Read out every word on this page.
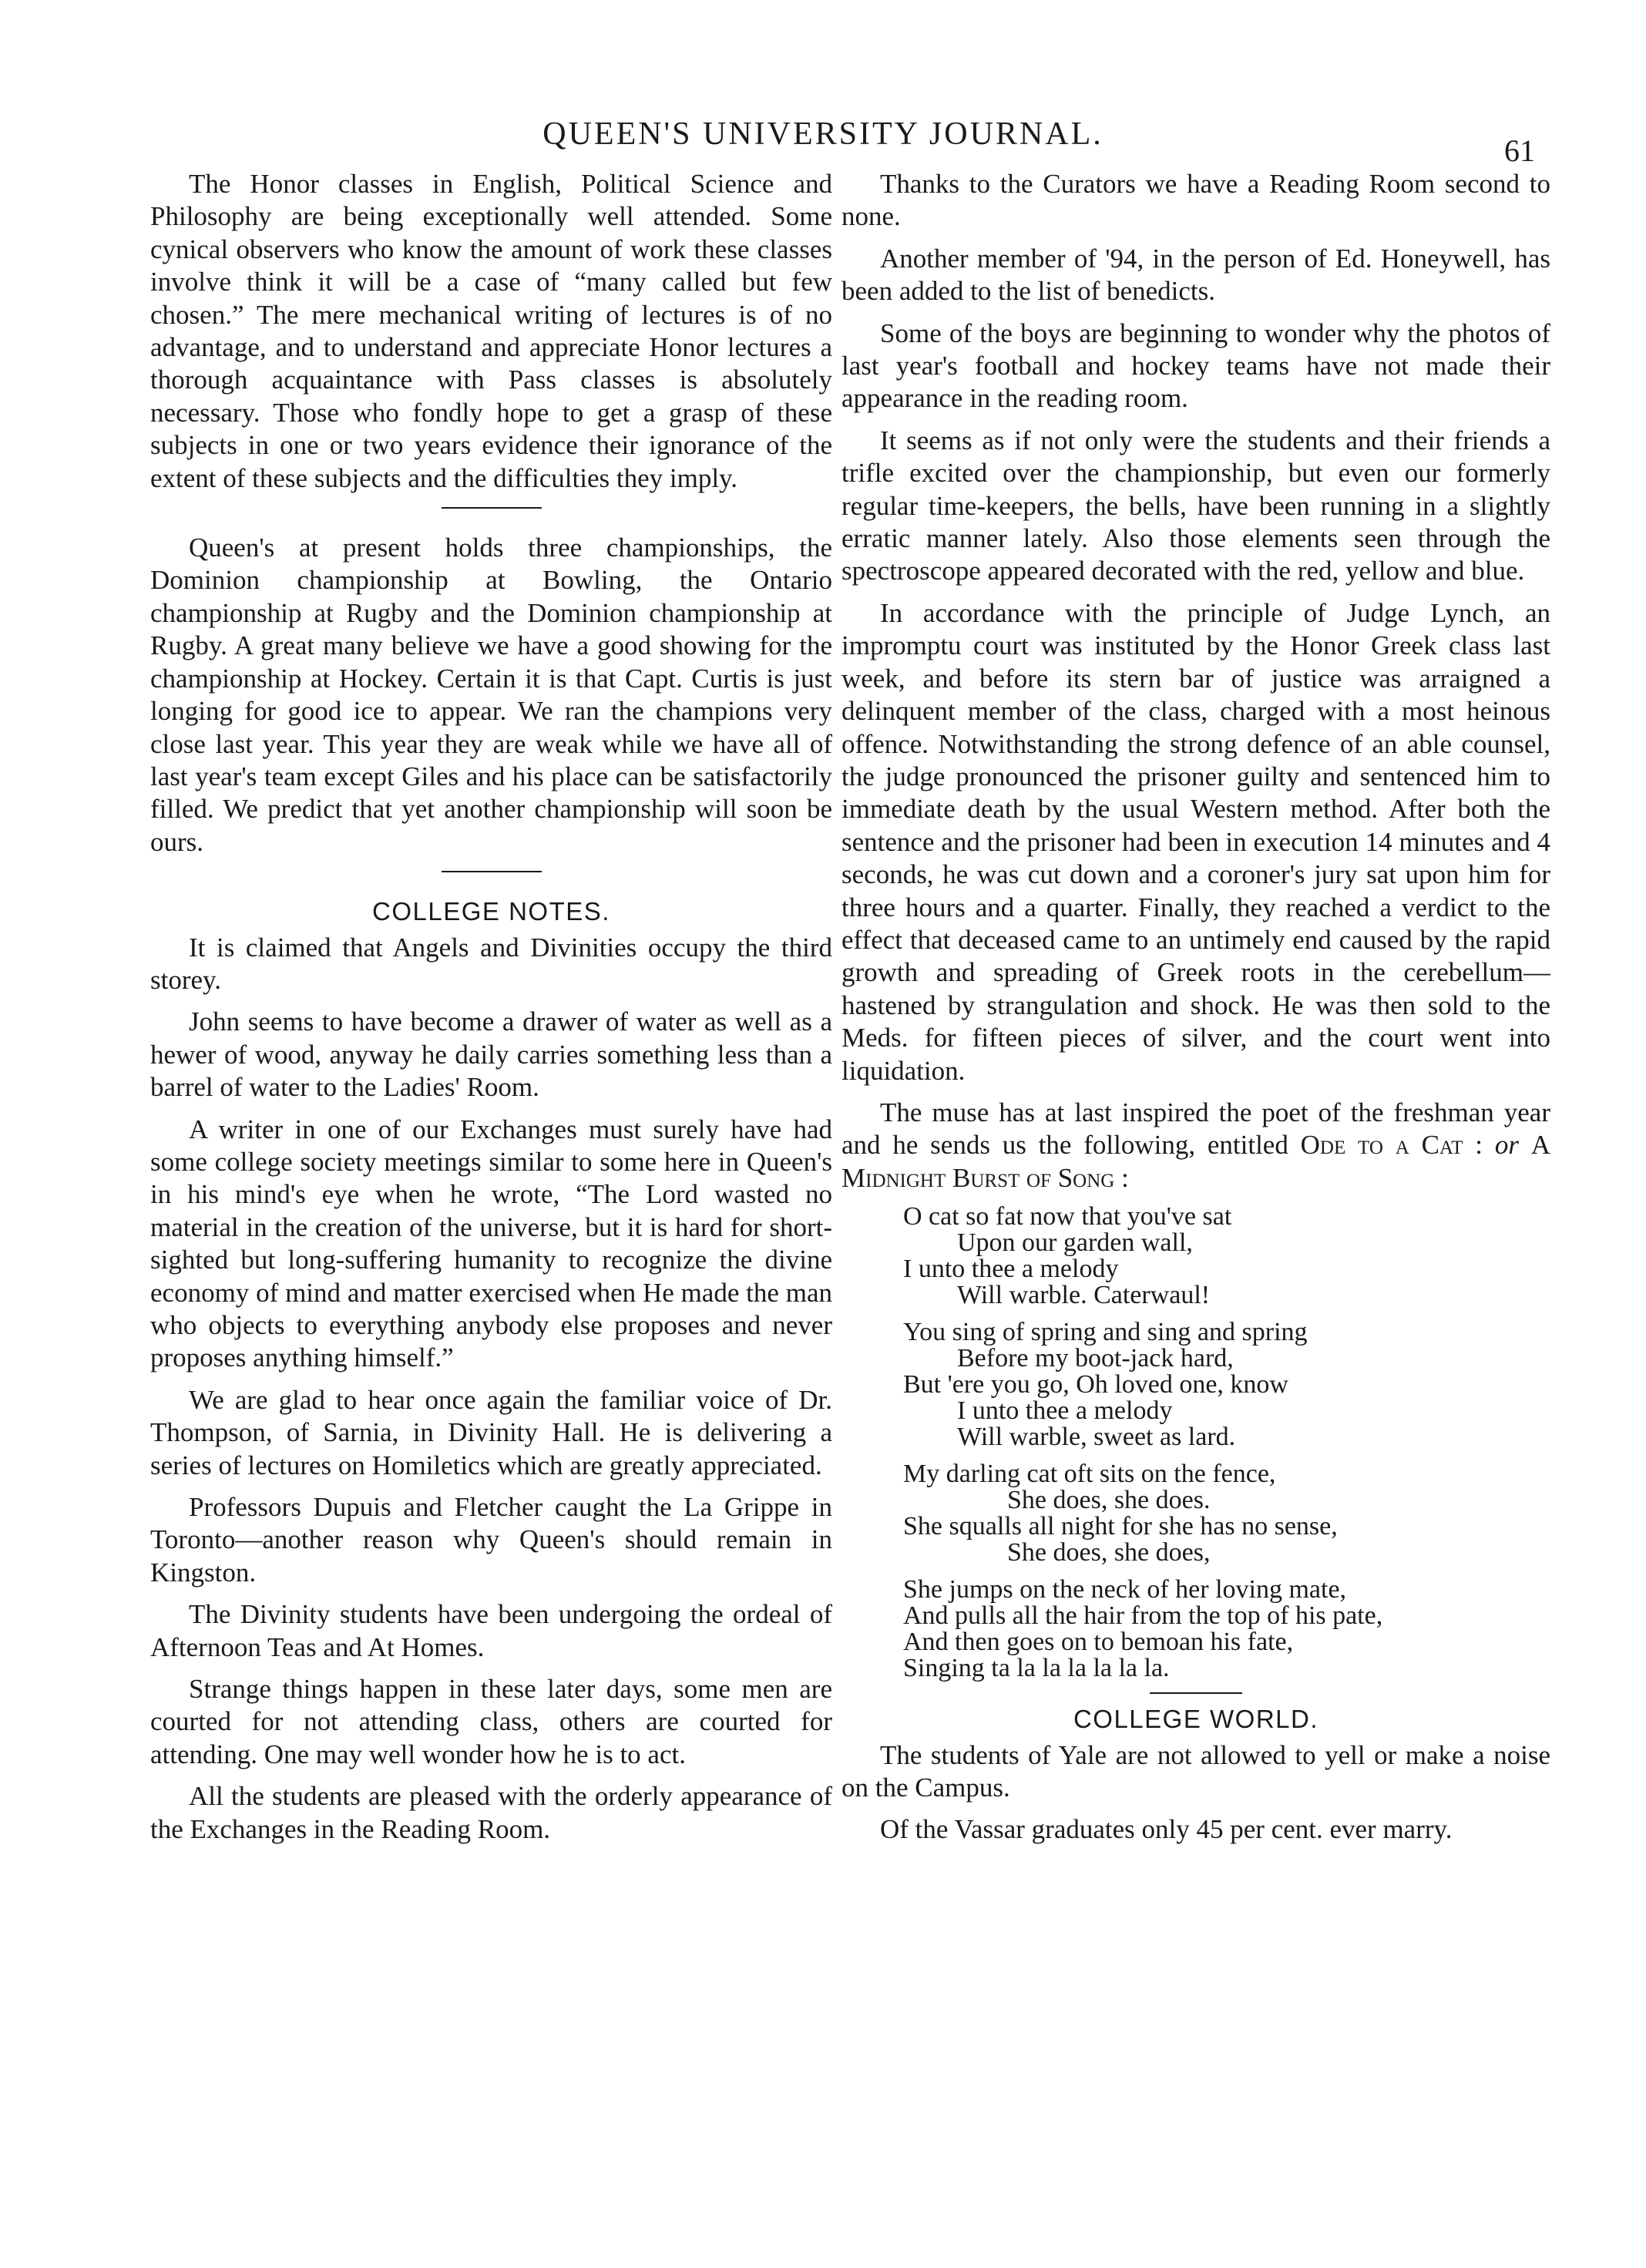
QUEEN'S UNIVERSITY JOURNAL.	61

The Honor classes in English, Political Science and Philosophy are being exceptionally well attended. Some cynical observers who know the amount of work these classes involve think it will be a case of “many called but few chosen.” The mere mechanical writing of lectures is of no advantage, and to understand and appreciate Honor lectures a thorough acquaintance with Pass classes is absolutely necessary. Those who fondly hope to get a grasp of these subjects in one or two years evidence their ignorance of the extent of these subjects and the difficulties they imply.

Queen's at present holds three championships, the Dominion championship at Bowling, the Ontario championship at Rugby and the Dominion championship at Rugby. A great many believe we have a good showing for the championship at Hockey. Certain it is that Capt. Curtis is just longing for good ice to appear. We ran the champions very close last year. This year they are weak while we have all of last year's team except Giles and his place can be satisfactorily filled. We predict that yet another championship will soon be ours.

COLLEGE NOTES.

It is claimed that Angels and Divinities occupy the third storey.

John seems to have become a drawer of water as well as a hewer of wood, anyway he daily carries something less than a barrel of water to the Ladies' Room.

A writer in one of our Exchanges must surely have had some college society meetings similar to some here in Queen's in his mind's eye when he wrote, “The Lord wasted no material in the creation of the universe, but it is hard for short-sighted but long-suffering humanity to recognize the divine economy of mind and matter exercised when He made the man who objects to everything anybody else proposes and never proposes anything himself.”

We are glad to hear once again the familiar voice of Dr. Thompson, of Sarnia, in Divinity Hall. He is delivering a series of lectures on Homiletics which are greatly appreciated.

Professors Dupuis and Fletcher caught the La Grippe in Toronto—another reason why Queen's should remain in Kingston.

The Divinity students have been undergoing the ordeal of Afternoon Teas and At Homes.

Strange things happen in these later days, some men are courted for not attending class, others are courted for attending. One may well wonder how he is to act.

All the students are pleased with the orderly appearance of the Exchanges in the Reading Room.

Thanks to the Curators we have a Reading Room second to none.

Another member of '94, in the person of Ed. Honeywell, has been added to the list of benedicts.

Some of the boys are beginning to wonder why the photos of last year's football and hockey teams have not made their appearance in the reading room.

It seems as if not only were the students and their friends a trifle excited over the championship, but even our formerly regular time-keepers, the bells, have been running in a slightly erratic manner lately. Also those elements seen through the spectroscope appeared decorated with the red, yellow and blue.

In accordance with the principle of Judge Lynch, an impromptu court was instituted by the Honor Greek class last week, and before its stern bar of justice was arraigned a delinquent member of the class, charged with a most heinous offence. Notwithstanding the strong defence of an able counsel, the judge pronounced the prisoner guilty and sentenced him to immediate death by the usual Western method. After both the sentence and the prisoner had been in execution 14 minutes and 4 seconds, he was cut down and a coroner's jury sat upon him for three hours and a quarter. Finally, they reached a verdict to the effect that deceased came to an untimely end caused by the rapid growth and spreading of Greek roots in the cerebellum—hastened by strangulation and shock. He was then sold to the Meds. for fifteen pieces of silver, and the court went into liquidation.

The muse has at last inspired the poet of the freshman year and he sends us the following, entitled Ode to a Cat : or A Midnight Burst of Song :

O cat so fat now that you've sat
Upon our garden wall,
I unto thee a melody
Will warble. Caterwaul!
You sing of spring and sing and spring
Before my boot-jack hard,
But 'ere you go, Oh loved one, know
I unto thee a melody
Will warble, sweet as lard.
My darling cat oft sits on the fence,
She does, she does.
She squalls all night for she has no sense,
She does, she does,
She jumps on the neck of her loving mate,
And pulls all the hair from the top of his pate,
And then goes on to bemoan his fate,
Singing ta la la la la la la.
COLLEGE WORLD.

The students of Yale are not allowed to yell or make a noise on the Campus.

Of the Vassar graduates only 45 per cent. ever marry.
